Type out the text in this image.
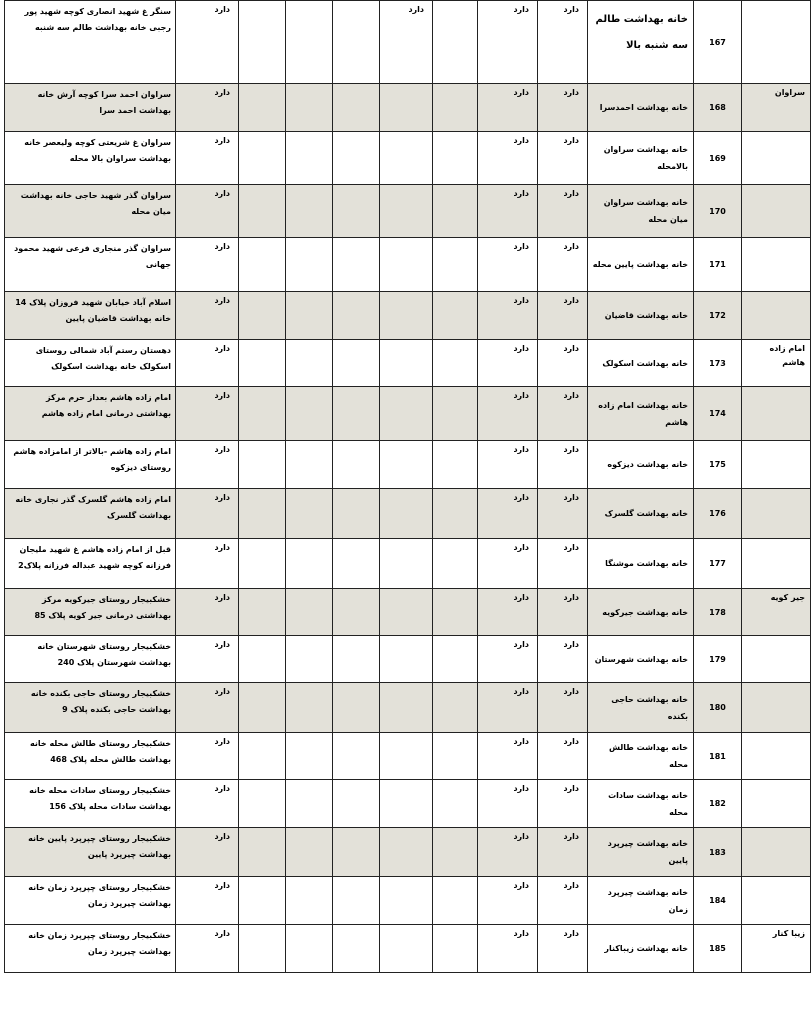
سنگر غ شهید انصاری کوچه شهید پور رجبی خانه بهداشت طالم سه شنبه	دارد				دارد		دارد	دارد	خانه بهداشت طالم سه شنبه بالا	167	
سراوان احمد سرا کوچه آرش خانه بهداشت احمد سرا	دارد						دارد	دارد	خانه بهداشت احمدسرا	168	سراوان
سراوان غ شریعتی کوچه ولیعصر خانه بهداشت سراوان بالا محله	دارد						دارد	دارد	خانه بهداشت سراوان بالامحله	169	
سراوان گذر شهید حاجی خانه بهداشت میان محله	دارد						دارد	دارد	خانه بهداشت سراوان میان محله	170	
سراوان گذر منجاری فرعی شهید محمود جهانی	دارد						دارد	دارد	خانه بهداشت پایین محله	171	
اسلام آباد خیابان شهید فروزان پلاک 14 خانه بهداشت قاضیان پایین	دارد						دارد	دارد	خانه بهداشت قاضیان	172	
دهستان رستم آباد شمالی روستای اسکولک خانه بهداشت اسکولک	دارد						دارد	دارد	خانه بهداشت اسکولک	173	امام زاده هاشم
امام زاده هاشم بعداز حرم مرکز بهداشتی درمانی امام زاده هاشم	دارد						دارد	دارد	خانه بهداشت امام زاده هاشم	174	
امام زاده هاشم -بالاتر از امامزاده هاشم روستای دیزکوه	دارد						دارد	دارد	خانه بهداشت دیزکوه	175	
امام زاده هاشم گلسرک گذر نجاری خانه بهداشت گلسرک	دارد						دارد	دارد	خانه بهداشت گلسرک	176	
قبل از امام زاده هاشم غ شهید ملیجان فرزانه کوچه شهید عبداله فرزانه پلاک2	دارد						دارد	دارد	خانه بهداشت موشنگا	177	
خشکبیجار روستای جیرکویه مرکز بهداشتی درمانی جیر کویه پلاک 85	دارد						دارد	دارد	خانه بهداشت جیرکویه	178	جیر کویه
خشکبیجار روستای شهرستان خانه بهداشت شهرستان پلاک 240	دارد						دارد	دارد	خانه بهداشت شهرستان	179	
خشکبیجار روستای حاجی بکنده خانه بهداشت حاجی بکنده پلاک 9	دارد						دارد	دارد	خانه بهداشت حاجی بکنده	180	
خشکبیجار روستای طالش محله خانه بهداشت طالش محله پلاک 468	دارد						دارد	دارد	خانه بهداشت طالش محله	181	
خشکبیجار روستای سادات محله خانه بهداشت سادات محله پلاک 156	دارد						دارد	دارد	خانه بهداشت سادات محله	182	
خشکبیجار روستای چپرپرد پایین خانه بهداشت چیرپرد پایین	دارد						دارد	دارد	خانه بهداشت چیرپرد پایین	183	
خشکبیجار روستای چپرپرد زمان خانه بهداشت چیرپرد زمان	دارد						دارد	دارد	خانه بهداشت چیرپرد زمان	184	
خشکبیجار روستای چپرپرد زمان خانه بهداشت چیرپرد زمان	دارد						دارد	دارد	خانه بهداشت زیباکنار	185	زیبا کنار
